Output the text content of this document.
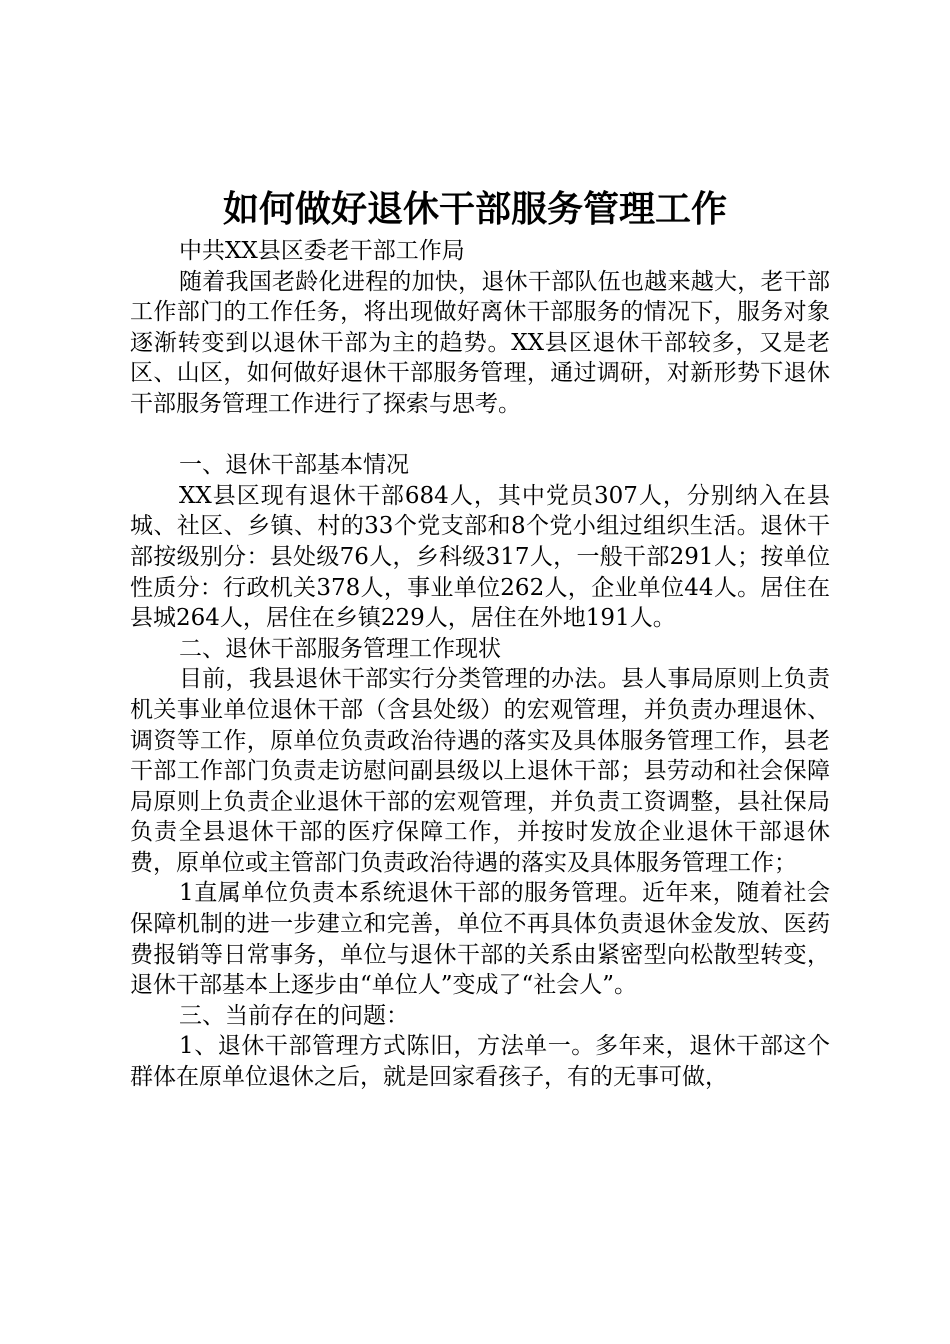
如何做好退休干部服务管理工作

中共XX县区委老干部工作局

随着我国老龄化进程的加快，退休干部队伍也越来越大，老干部工作部门的工作任务，将出现做好离休干部服务的情况下，服务对象逐渐转变到以退休干部为主的趋势。XX县区退休干部较多，又是老区、山区，如何做好退休干部服务管理，通过调研，对新形势下退休干部服务管理工作进行了探索与思考。

一、退休干部基本情况

XX县区现有退休干部684人，其中党员307人，分别纳入在县城、社区、乡镇、村的33个党支部和8个党小组过组织生活。退休干部按级别分：县处级76人，乡科级317人，一般干部291人；按单位性质分：行政机关378人，事业单位262人，企业单位44人。居住在县城264人，居住在乡镇229人，居住在外地191人。

二、退休干部服务管理工作现状

目前，我县退休干部实行分类管理的办法。县人事局原则上负责机关事业单位退休干部（含县处级）的宏观管理，并负责办理退休、调资等工作，原单位负责政治待遇的落实及具体服务管理工作，县老干部工作部门负责走访慰问副县级以上退休干部；县劳动和社会保障局原则上负责企业退休干部的宏观管理，并负责工资调整，县社保局负责全县退休干部的医疗保障工作，并按时发放企业退休干部退休费，原单位或主管部门负责政治待遇的落实及具体服务管理工作；

1直属单位负责本系统退休干部的服务管理。近年来，随着社会保障机制的进一步建立和完善，单位不再具体负责退休金发放、医药费报销等日常事务，单位与退休干部的关系由紧密型向松散型转变，退休干部基本上逐步由“单位人”变成了“社会人”。

三、当前存在的问题：

1、退休干部管理方式陈旧，方法单一。多年来，退休干部这个群体在原单位退休之后，就是回家看孩子，有的无事可做，
